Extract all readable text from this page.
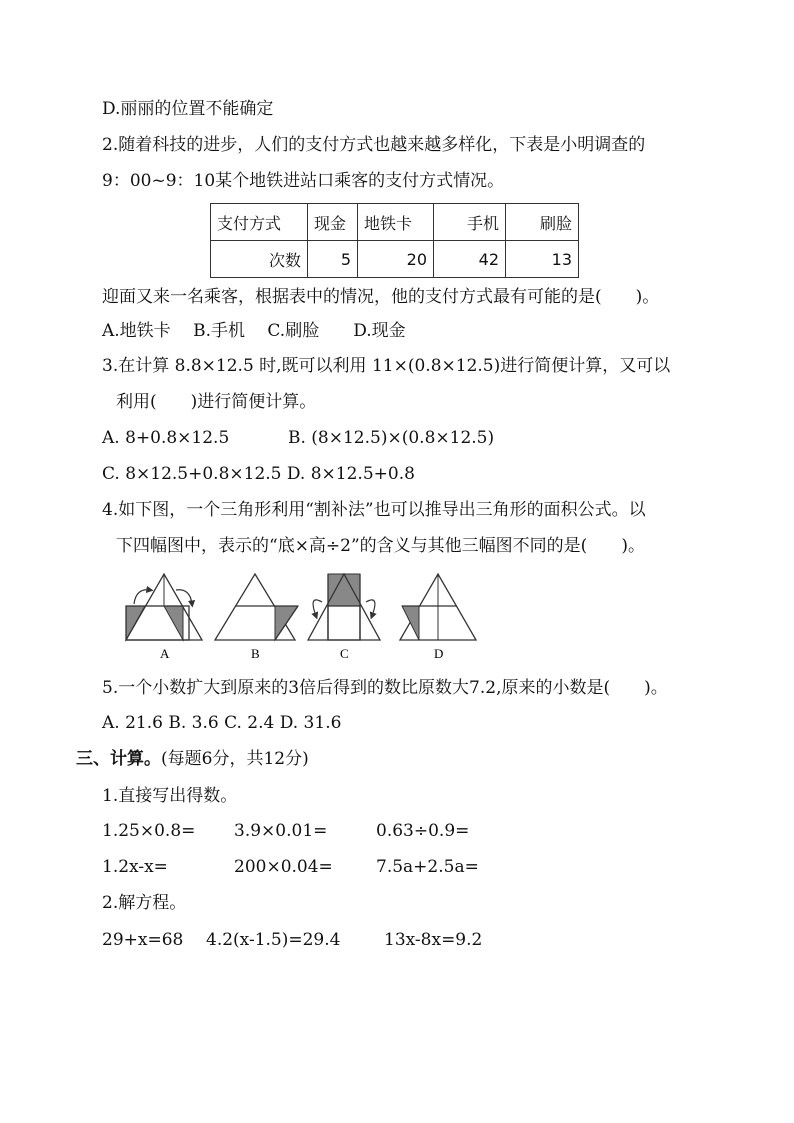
D.丽丽的位置不能确定
2.随着科技的进步，人们的支付方式也越来越多样化，下表是小明调查的
9：00~9：10某个地铁进站口乘客的支付方式情况。
支付方式	现金	地铁卡	手机	刷脸
次数	5	20	42	13
迎面又来一名乘客，根据表中的情况，他的支付方式最有可能的是(　　)。
A.地铁卡　 B.手机　 C.刷脸　　D.现金
3.在计算 8.8×12.5 时,既可以利用 11×(0.8×12.5)进行简便计算，又可以
利用(　　)进行简便计算。
A. 8+0.8×12.5	B. (8×12.5)×(0.8×12.5)
C. 8×12.5+0.8×12.5 D. 8×12.5+0.8
4.如下图，一个三角形利用“割补法”也可以推导出三角形的面积公式。以
下四幅图中，表示的“底×高÷2”的含义与其他三幅图不同的是(　　)。
A	B	C	D
5.一个小数扩大到原来的3倍后得到的数比原数大7.2,原来的小数是(　　)。
A. 21.6 B. 3.6 C. 2.4 D. 31.6
三、计算。(每题6分，共12分)
1.直接写出得数。
1.25×0.8= 3.9×0.01=	0.63÷0.9=
1.2x-x=	200×0.04=	7.5a+2.5a=
2.解方程。
29+x=68 4.2(x-1.5)=29.4	13x-8x=9.2
